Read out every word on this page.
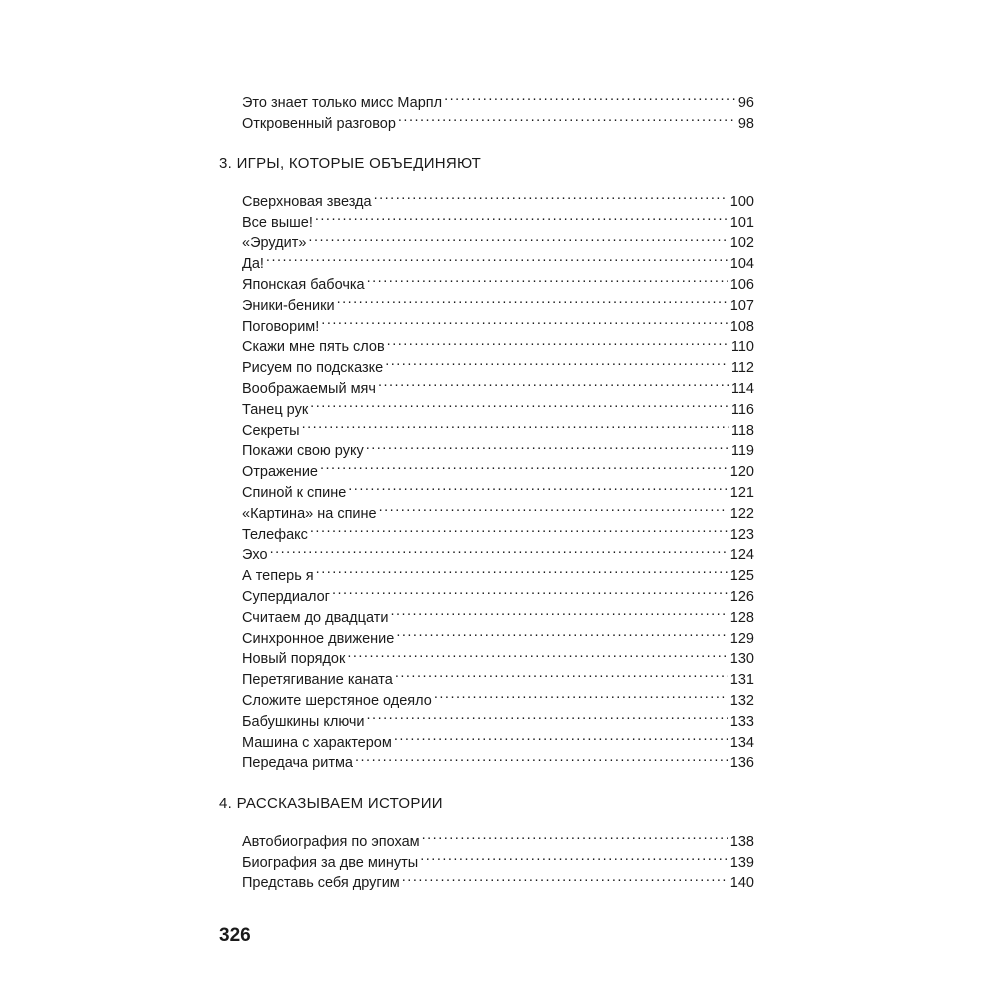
Это знает только мисс Марпл .....	96
Откровенный разговор .....	98
3. ИГРЫ, КОТОРЫЕ ОБЪЕДИНЯЮТ
Сверхновая звезда .....	100
Все выше! .....	101
«Эрудит» .....	102
Да! .....	104
Японская бабочка .....	106
Эники-беники .....	107
Поговорим! .....	108
Скажи мне пять слов .....	110
Рисуем по подсказке .....	112
Воображаемый мяч .....	114
Танец рук .....	116
Секреты .....	118
Покажи свою руку .....	119
Отражение .....	120
Спиной к спине .....	121
«Картина» на спине .....	122
Телефакс .....	123
Эхо .....	124
А теперь я .....	125
Супердиалог .....	126
Считаем до двадцати .....	128
Синхронное движение .....	129
Новый порядок .....	130
Перетягивание каната .....	131
Сложите шерстяное одеяло .....	132
Бабушкины ключи .....	133
Машина с характером .....	134
Передача ритма .....	136
4. РАССКАЗЫВАЕМ ИСТОРИИ
Автобиография по эпохам .....	138
Биография за две минуты .....	139
Представь себя другим .....	140
326
